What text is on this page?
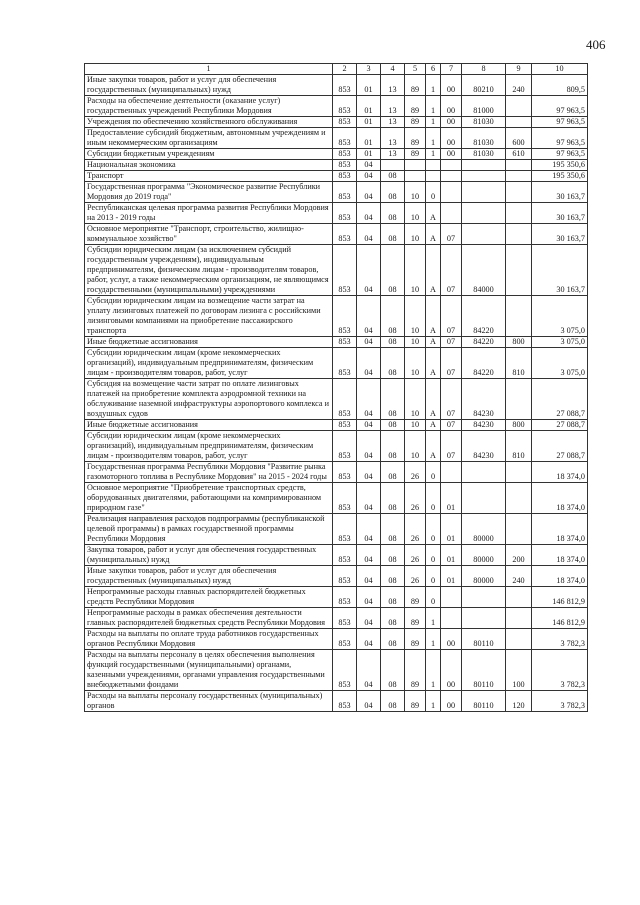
406
1	2	3	4	5	6	7	8	9	10
Иные закупки товаров, работ и услуг для обеспечения государственных (муниципальных) нужд	853	01	13	89	1	00	80210	240	809,5
Расходы на обеспечение деятельности (оказание услуг) государственных учреждений Республики Мордовия	853	01	13	89	1	00	81000		97 963,5
Учреждения по обеспечению хозяйственного обслуживания	853	01	13	89	1	00	81030		97 963,5
Предоставление субсидий бюджетным, автономным учреждениям и иным некоммерческим организациям	853	01	13	89	1	00	81030	600	97 963,5
Субсидии бюджетным учреждениям	853	01	13	89	1	00	81030	610	97 963,5
Национальная экономика	853	04							195 350,6
Транспорт	853	04	08						195 350,6
Государственная программа "Экономическое развитие Республики Мордовия до 2019 года"	853	04	08	10	0				30 163,7
Республиканская целевая программа развития Республики Мордовия на 2013 - 2019 годы	853	04	08	10	А				30 163,7
Основное мероприятие "Транспорт, строительство, жилищно-коммунальное хозяйство"	853	04	08	10	А	07			30 163,7
Субсидии юридическим лицам (за исключением субсидий государственным учреждениям), индивидуальным предпринимателям, физическим лицам - производителям товаров, работ, услуг, а также некоммерческим организациям, не являющимся государственными (муниципальными) учреждениями	853	04	08	10	А	07	84000		30 163,7
Субсидии юридическим лицам на возмещение части затрат на уплату лизинговых платежей по договорам лизинга с российскими лизинговыми компаниями на приобретение пассажирского транспорта	853	04	08	10	А	07	84220		3 075,0
Иные бюджетные ассигнования	853	04	08	10	А	07	84220	800	3 075,0
Субсидии юридическим лицам (кроме некоммерческих организаций), индивидуальным предпринимателям, физическим лицам - производителям товаров, работ, услуг	853	04	08	10	А	07	84220	810	3 075,0
Субсидия на возмещение части затрат по оплате лизинговых платежей на приобретение комплекта аэродромной техники на обслуживание наземной инфраструктуры аэропортового комплекса и воздушных судов	853	04	08	10	А	07	84230		27 088,7
Иные бюджетные ассигнования	853	04	08	10	А	07	84230	800	27 088,7
Субсидии юридическим лицам (кроме некоммерческих организаций), индивидуальным предпринимателям, физическим лицам - производителям товаров, работ, услуг	853	04	08	10	А	07	84230	810	27 088,7
Государственная программа Республики Мордовия "Развитие рынка газомоторного топлива в Республике Мордовия" на 2015 - 2024 годы	853	04	08	26	0				18 374,0
Основное мероприятие "Приобретение транспортных средств, оборудованных двигателями, работающими на компримированном природном газе"	853	04	08	26	0	01			18 374,0
Реализация направления расходов подпрограммы (республиканской целевой программы) в рамках государственной программы Республики Мордовия	853	04	08	26	0	01	80000		18 374,0
Закупка товаров, работ и услуг для обеспечения государственных (муниципальных) нужд	853	04	08	26	0	01	80000	200	18 374,0
Иные закупки товаров, работ и услуг для обеспечения государственных (муниципальных) нужд	853	04	08	26	0	01	80000	240	18 374,0
Непрограммные расходы главных распорядителей бюджетных средств Республики Мордовия	853	04	08	89	0				146 812,9
Непрограммные расходы в рамках обеспечения деятельности главных распорядителей бюджетных средств Республики Мордовия	853	04	08	89	1				146 812,9
Расходы на выплаты по оплате труда работников государственных органов Республики Мордовия	853	04	08	89	1	00	80110		3 782,3
Расходы на выплаты персоналу в целях обеспечения выполнения функций государственными (муниципальными) органами, казенными учреждениями, органами управления государственными внебюджетными фондами	853	04	08	89	1	00	80110	100	3 782,3
Расходы на выплаты персоналу государственных (муниципальных) органов	853	04	08	89	1	00	80110	120	3 782,3
